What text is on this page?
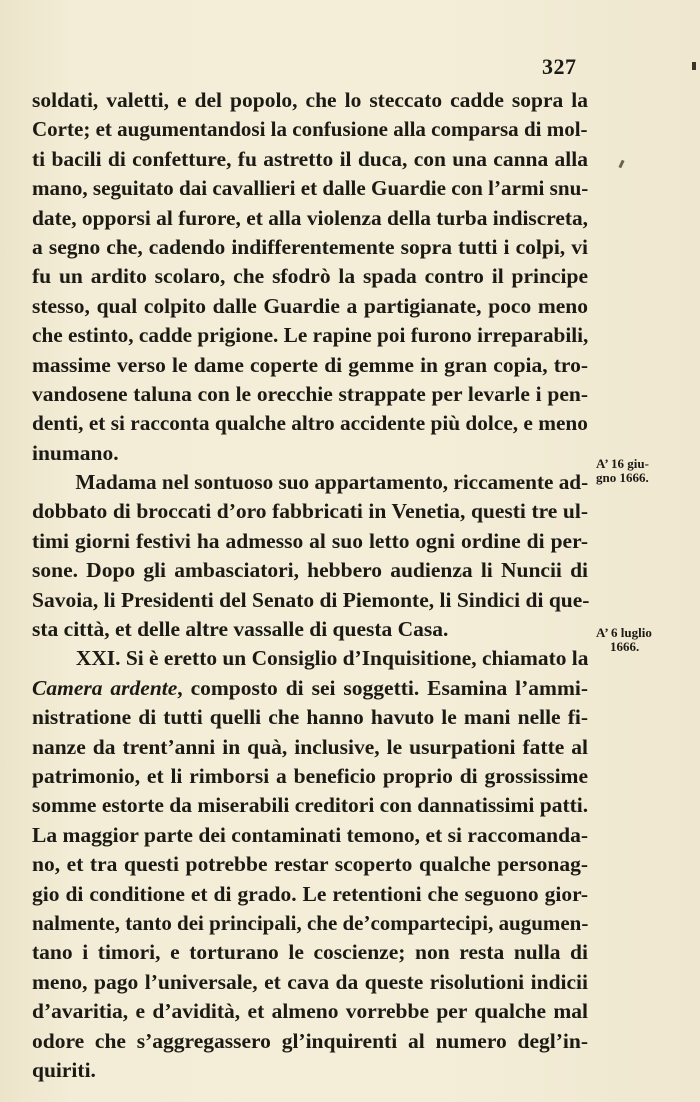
327
soldati, valetti, e del popolo, che lo steccato cadde sopra la
Corte; et augumentandosi la confusione alla comparsa di mol-
ti bacili di confetture, fu astretto il duca, con una canna alla
mano, seguitato dai cavallieri et dalle Guardie con l’armi snu-
date, opporsi al furore, et alla violenza della turba indiscreta,
a segno che, cadendo indifferentemente sopra tutti i colpi, vi
fu un ardito scolaro, che sfodrò la spada contro il principe
stesso, qual colpito dalle Guardie a partigianate, poco meno
che estinto, cadde prigione. Le rapine poi furono irreparabili,
massime verso le dame coperte di gemme in gran copia, tro-
vandosene taluna con le orecchie strappate per levarle i pen-
denti, et si racconta qualche altro accidente più dolce, e meno
inumano.
Madama nel sontuoso suo appartamento, riccamente ad-
dobbato di broccati d’oro fabbricati in Venetia, questi tre ul-
timi giorni festivi ha admesso al suo letto ogni ordine di per-
sone. Dopo gli ambasciatori, hebbero audienza li Nuncii di
Savoia, li Presidenti del Senato di Piemonte, li Sindici di que-
sta città, et delle altre vassalle di questa Casa.
XXI. Si è eretto un Consiglio d’Inquisitione, chiamato la
Camera ardente, composto di sei soggetti. Esamina l’ammi-
nistratione di tutti quelli che hanno havuto le mani nelle fi-
nanze da trent’anni in quà, inclusive, le usurpationi fatte al
patrimonio, et li rimborsi a beneficio proprio di grossissime
somme estorte da miserabili creditori con dannatissimi patti.
La maggior parte dei contaminati temono, et si raccomanda-
no, et tra questi potrebbe restar scoperto qualche personag-
gio di conditione et di grado. Le retentioni che seguono gior-
nalmente, tanto dei principali, che de’compartecipi, augumen-
tano i timori, e torturano le coscienze; non resta nulla di
meno, pago l’universale, et cava da queste risolutioni indicii
d’avaritia, e d’avidità, et almeno vorrebbe per qualche mal
odore che s’aggregassero gl’inquirenti al numero degl’in-
quiriti.
A’ 16 giu-
gno 1666.
A’ 6 luglio
1666.
